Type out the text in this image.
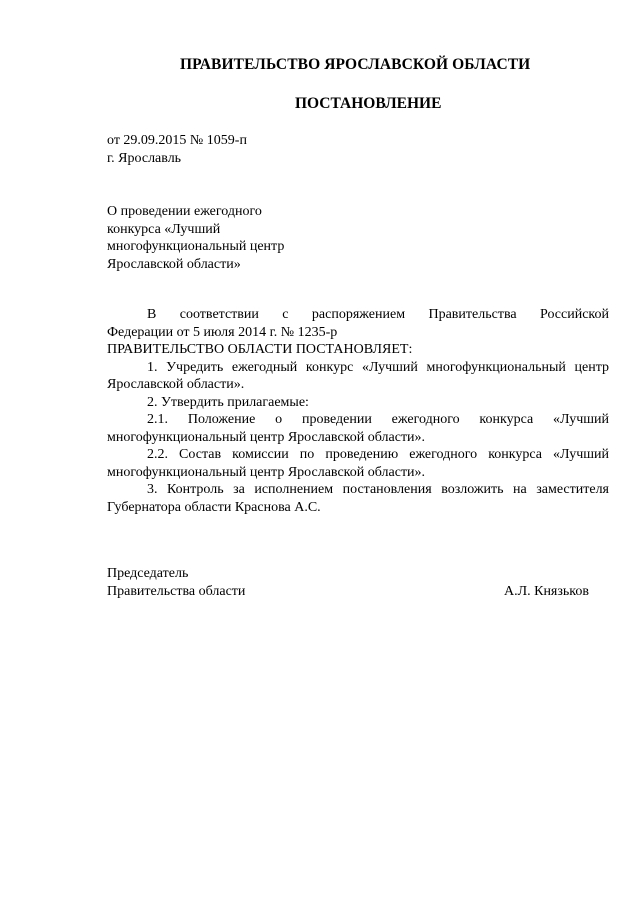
ПРАВИТЕЛЬСТВО ЯРОСЛАВСКОЙ ОБЛАСТИ
ПОСТАНОВЛЕНИЕ
от 29.09.2015 № 1059-п
г. Ярославль
О проведении ежегодного
конкурса «Лучший
многофункциональный центр
Ярославской области»

В соответствии с распоряжением Правительства Российской

Федерации от 5 июля 2014 г. № 1235-р

ПРАВИТЕЛЬСТВО ОБЛАСТИ ПОСТАНОВЛЯЕТ:

1. Учредить ежегодный конкурс «Лучший многофункциональный центр Ярославской области».

2. Утвердить прилагаемые:

2.1. Положение о проведении ежегодного конкурса «Лучший многофункциональный центр Ярославской области».

2.2. Состав комиссии по проведению ежегодного конкурса «Лучший многофункциональный центр Ярославской области».

3. Контроль за исполнением постановления возложить на заместителя Губернатора области Краснова А.С.

Председатель
Правительства области	А.Л. Князьков
